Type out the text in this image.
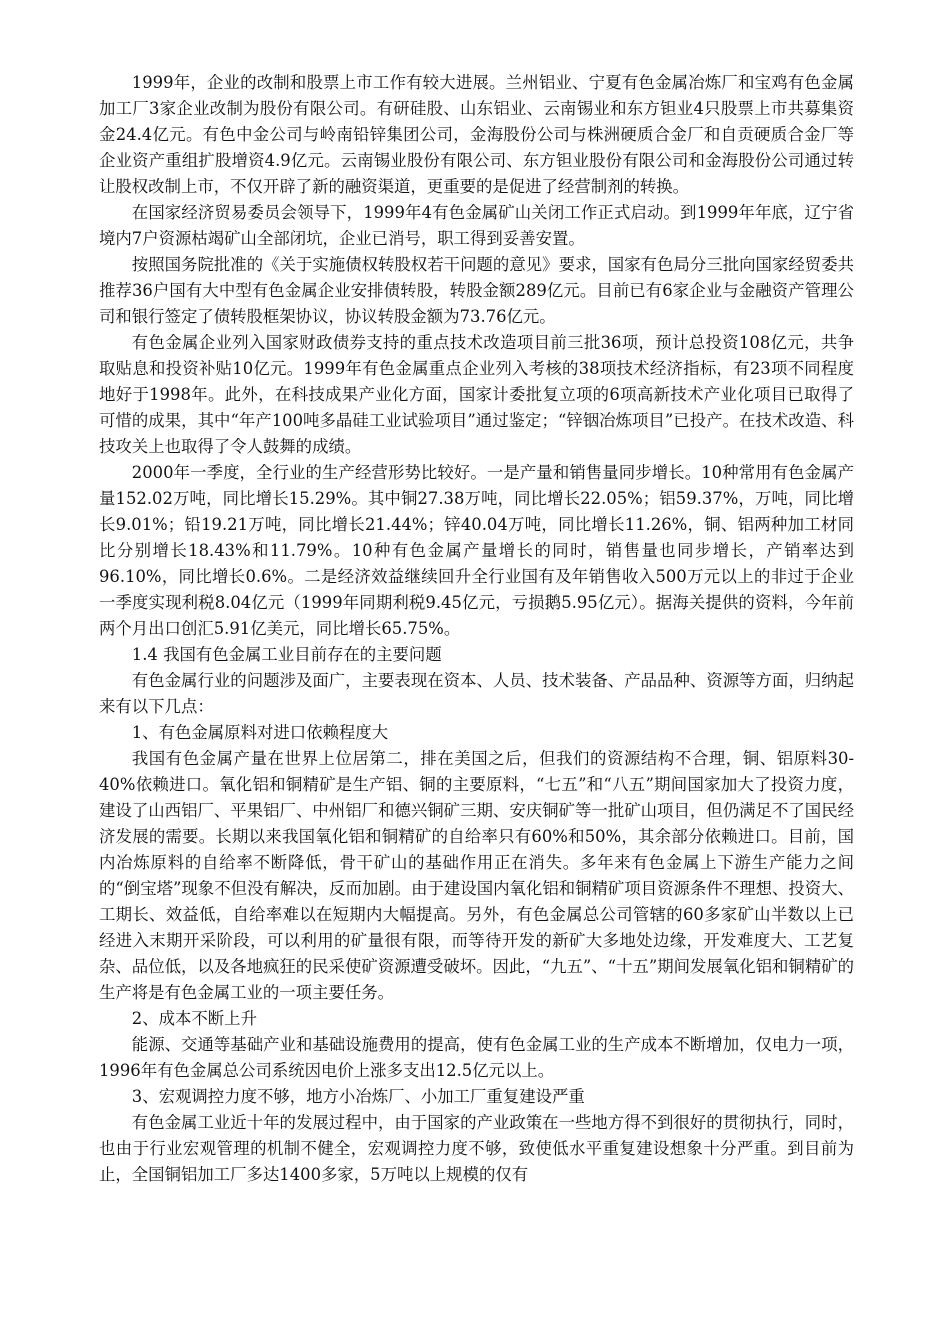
1999年，企业的改制和股票上市工作有较大进展。兰州铝业、宁夏有色金属冶炼厂和宝鸡有色金属加工厂3家企业改制为股份有限公司。有研硅股、山东铝业、云南锡业和东方钽业4只股票上市共募集资金24.4亿元。有色中金公司与岭南铅锌集团公司，金海股份公司与株洲硬质合金厂和自贡硬质合金厂等企业资产重组扩股增资4.9亿元。云南锡业股份有限公司、东方钽业股份有限公司和金海股份公司通过转让股权改制上市，不仅开辟了新的融资渠道，更重要的是促进了经营制剂的转换。

在国家经济贸易委员会领导下，1999年4有色金属矿山关闭工作正式启动。到1999年年底，辽宁省境内7户资源枯竭矿山全部闭坑，企业已消号，职工得到妥善安置。

按照国务院批准的《关于实施债权转股权若干问题的意见》要求，国家有色局分三批向国家经贸委共推荐36户国有大中型有色金属企业安排债转股，转股金额289亿元。目前已有6家企业与金融资产管理公司和银行签定了债转股框架协议，协议转股金额为73.76亿元。

有色金属企业列入国家财政债券支持的重点技术改造项目前三批36项，预计总投资108亿元，共争取贴息和投资补贴10亿元。1999年有色金属重点企业列入考核的38项技术经济指标，有23项不同程度地好于1998年。此外，在科技成果产业化方面，国家计委批复立项的6项高新技术产业化项目已取得了可惜的成果，其中“年产100吨多晶硅工业试验项目”通过鉴定；“锌铟冶炼项目”已投产。在技术改造、科技攻关上也取得了令人鼓舞的成绩。

2000年一季度，全行业的生产经营形势比较好。一是产量和销售量同步增长。10种常用有色金属产量152.02万吨，同比增长15.29%。其中铜27.38万吨，同比增长22.05%；铝59.37%，万吨，同比增长9.01%；铅19.21万吨，同比增长21.44%；锌40.04万吨，同比增长11.26%，铜、铝两种加工材同比分别增长18.43%和11.79%。10种有色金属产量增长的同时，销售量也同步增长，产销率达到96.10%，同比增长0.6%。二是经济效益继续回升全行业国有及年销售收入500万元以上的非过于企业一季度实现利税8.04亿元（1999年同期利税9.45亿元，亏损鹅5.95亿元）。据海关提供的资料，今年前两个月出口创汇5.91亿美元，同比增长65.75%。

1.4 我国有色金属工业目前存在的主要问题

有色金属行业的问题涉及面广，主要表现在资本、人员、技术装备、产品品种、资源等方面，归纳起来有以下几点：

1、有色金属原料对进口依赖程度大

我国有色金属产量在世界上位居第二，排在美国之后，但我们的资源结构不合理，铜、铝原料30-40%依赖进口。氧化铝和铜精矿是生产铝、铜的主要原料，“七五”和“八五”期间国家加大了投资力度，建设了山西铝厂、平果铝厂、中州铝厂和德兴铜矿三期、安庆铜矿等一批矿山项目，但仍满足不了国民经济发展的需要。长期以来我国氧化铝和铜精矿的自给率只有60%和50%，其余部分依赖进口。目前，国内冶炼原料的自给率不断降低，骨干矿山的基础作用正在消失。多年来有色金属上下游生产能力之间的“倒宝塔”现象不但没有解决，反而加剧。由于建设国内氧化铝和铜精矿项目资源条件不理想、投资大、工期长、效益低，自给率难以在短期内大幅提高。另外，有色金属总公司管辖的60多家矿山半数以上已经进入末期开采阶段，可以利用的矿量很有限，而等待开发的新矿大多地处边缘，开发难度大、工艺复杂、品位低，以及各地疯狂的民采使矿资源遭受破坏。因此，“九五”、“十五”期间发展氧化铝和铜精矿的生产将是有色金属工业的一项主要任务。

2、成本不断上升

能源、交通等基础产业和基础设施费用的提高，使有色金属工业的生产成本不断增加，仅电力一项，1996年有色金属总公司系统因电价上涨多支出12.5亿元以上。

3、宏观调控力度不够，地方小冶炼厂、小加工厂重复建设严重

有色金属工业近十年的发展过程中，由于国家的产业政策在一些地方得不到很好的贯彻执行，同时，也由于行业宏观管理的机制不健全，宏观调控力度不够，致使低水平重复建设想象十分严重。到目前为止，全国铜铝加工厂多达1400多家，5万吨以上规模的仅有
